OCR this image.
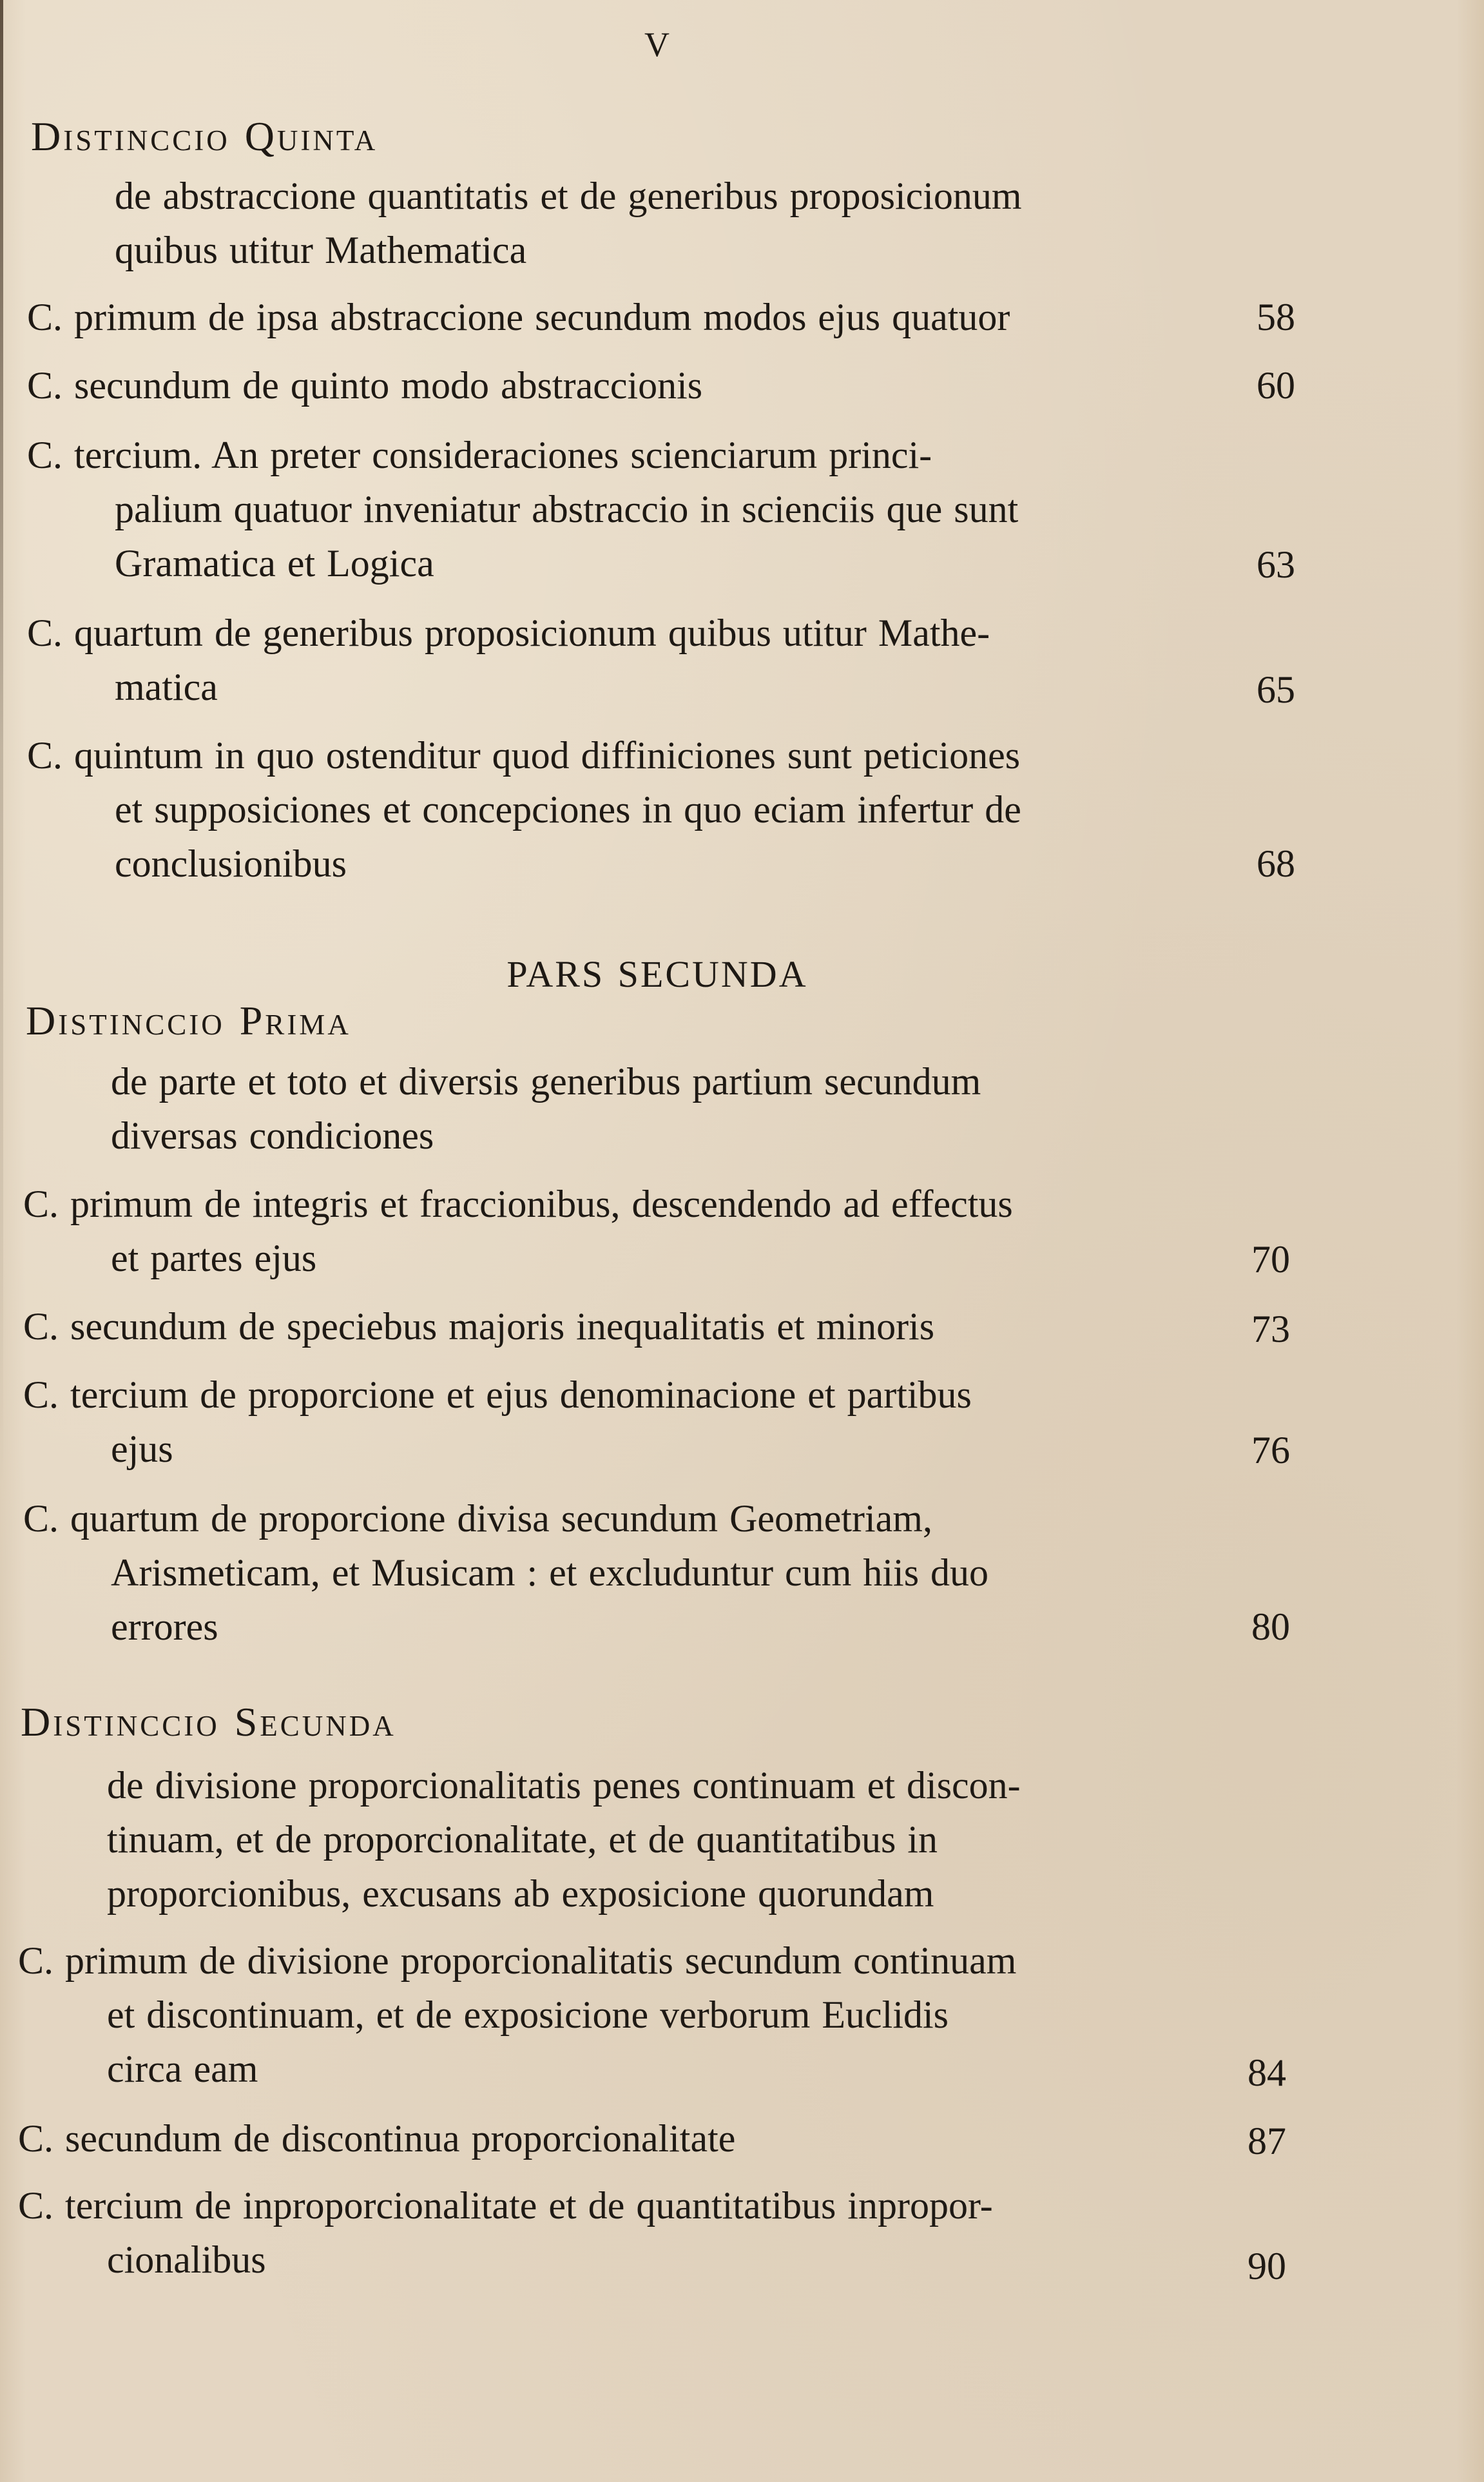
V
Distinccio Quinta
de abstraccione quantitatis et de generibus proposicionum
quibus utitur Mathematica
C. primum de ipsa abstraccione secundum modos ejus quatuor	58
C. secundum de quinto modo abstraccionis	60
C. tercium. An preter consideraciones scienciarum princi-
palium quatuor inveniatur abstraccio in scienciis que sunt
Gramatica et Logica	63
C. quartum de generibus proposicionum quibus utitur Mathe-
matica	65
C. quintum in quo ostenditur quod diffiniciones sunt peticiones
et supposiciones et concepciones in quo eciam infertur de
conclusionibus	68
PARS SECUNDA
Distinccio Prima
de parte et toto et diversis generibus partium secundum
diversas condiciones
C. primum de integris et fraccionibus, descendendo ad effectus
et partes ejus	70
C. secundum de speciebus majoris inequalitatis et minoris	73
C. tercium de proporcione et ejus denominacione et partibus
ejus	76
C. quartum de proporcione divisa secundum Geometriam,
Arismeticam, et Musicam : et excluduntur cum hiis duo
errores	80
Distinccio Secunda
de divisione proporcionalitatis penes continuam et discon-
tinuam, et de proporcionalitate, et de quantitatibus in
proporcionibus, excusans ab exposicione quorundam
C. primum de divisione proporcionalitatis secundum continuam
et discontinuam, et de exposicione verborum Euclidis
circa eam	84
C. secundum de discontinua proporcionalitate	87
C. tercium de inproporcionalitate et de quantitatibus inpropor-
cionalibus	90
